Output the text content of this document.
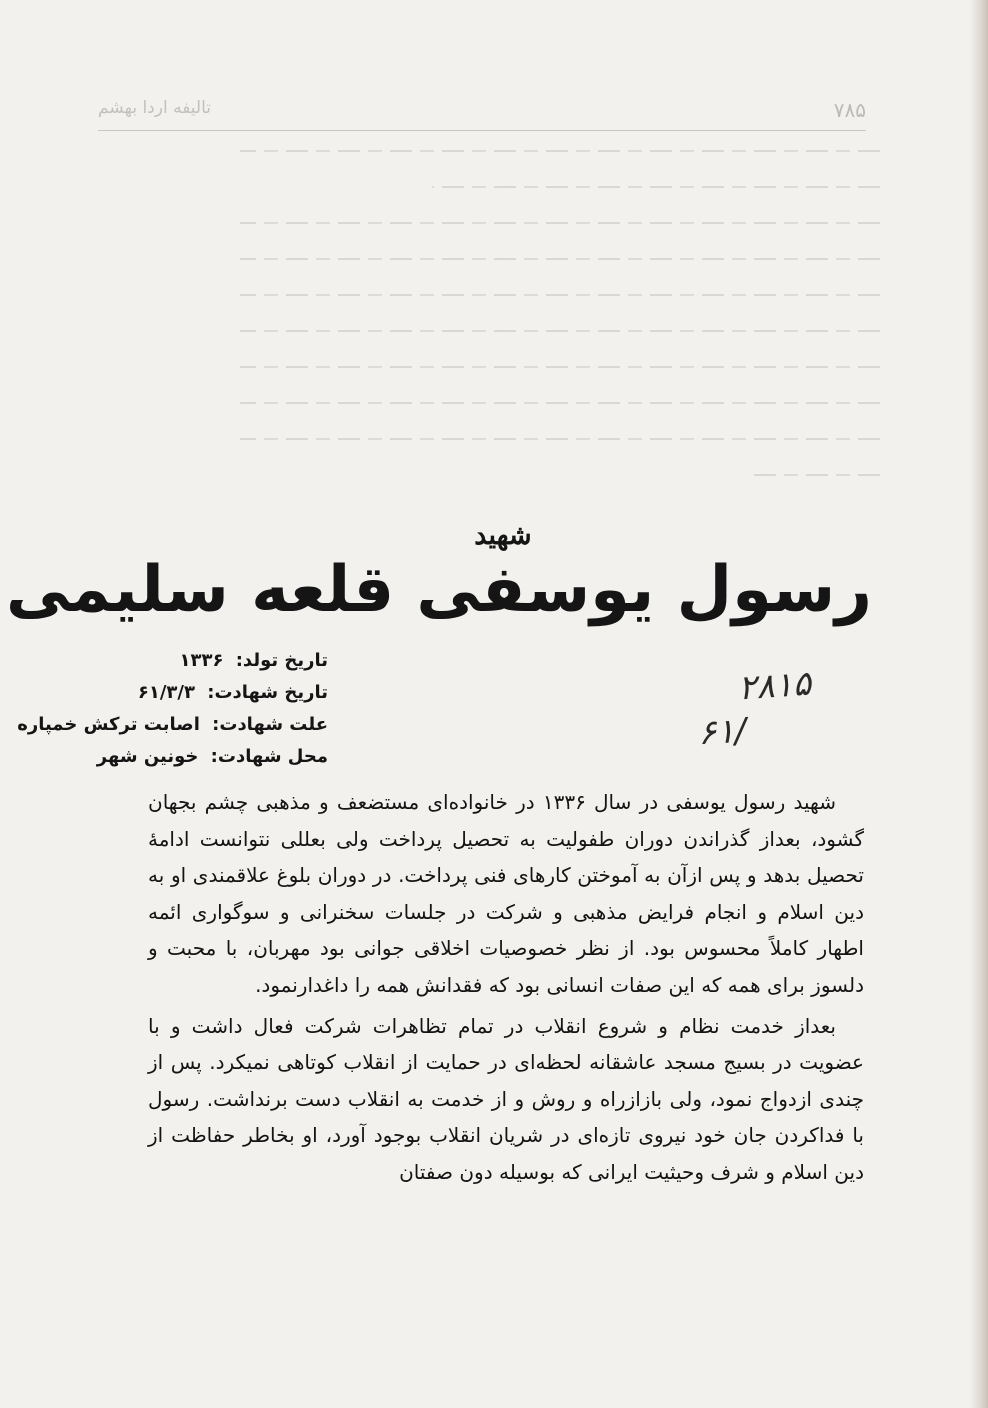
۷۸۵
تالیفه اردا بهشم
شهید
رسول یوسفی قلعه سلیمی
تاریخ تولد: ۱۳۳۶
تاریخ شهادت: ۶۱/۳/۳
علت شهادت: اصابت ترکش خمپاره
محل شهادت: خونین شهر
۲۸۱۵
۶۱/

شهید رسول یوسفی در سال ۱۳۳۶ در خانواده‌ای مستضعف و مذهبی چشم بجهان گشود، بعداز گذراندن دوران طفولیت به تحصیل پرداخت ولی بعللی نتوانست ادامۀ تحصیل بدهد و پس ازآن به آموختن کارهای فنی پرداخت. در دوران بلوغ علاقمندی او به دین اسلام و انجام فرایض مذهبی و شرکت در جلسات سخنرانی و سوگواری ائمه اطهار کاملاً محسوس بود. از نظر خصوصیات اخلاقی جوانی بود مهربان، با محبت و دلسوز برای همه که این صفات انسانی بود که فقدانش همه را داغدارنمود.

بعداز خدمت نظام و شروع انقلاب در تمام تظاهرات شرکت فعال داشت و با عضویت در بسیج مسجد عاشقانه لحظه‌ای در حمایت از انقلاب کوتاهی نمیکرد. پس از چندی ازدواج نمود، ولی بازازراه و روش و از خدمت به انقلاب دست برنداشت. رسول با فداکردن جان خود نیروی تازه‌ای در شریان انقلاب بوجود آورد، او بخاطر حفاظت از دین اسلام و شرف وحیثیت ایرانی که بوسیله دون صفتان
